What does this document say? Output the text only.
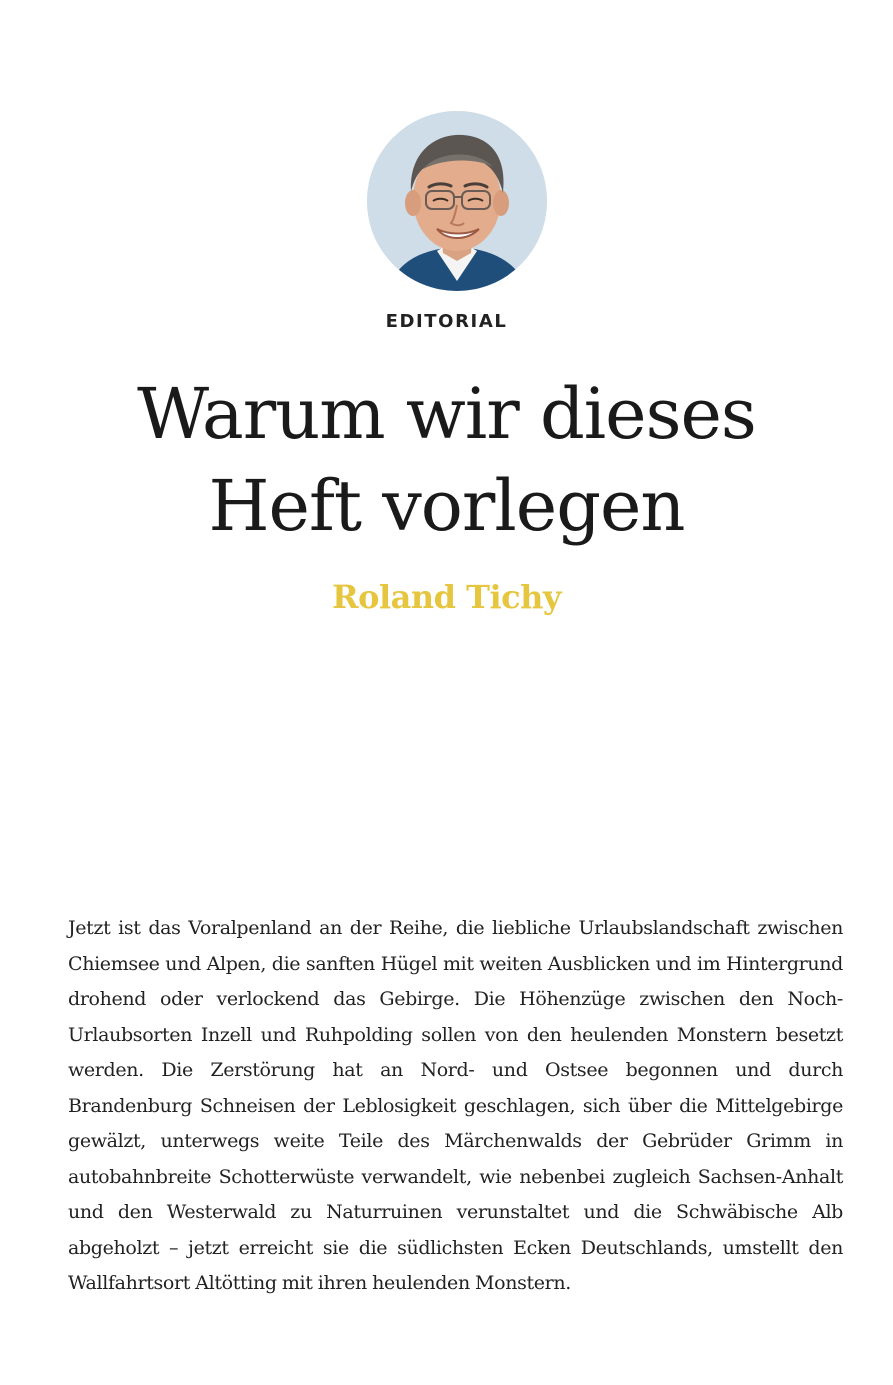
EDITORIAL
Warum wir dieses
Heft vorlegen
Roland Tichy

Jetzt ist das Voralpenland an der Reihe, die liebliche Urlaubslandschaft zwischen Chiemsee und Alpen, die sanften Hügel mit weiten Ausblicken und im Hintergrund drohend oder verlockend das Gebirge. Die Höhenzüge zwischen den Noch-Urlaubsorten Inzell und Ruhpolding sollen von den heulenden Monstern besetzt werden. Die Zerstörung hat an Nord- und Ostsee begonnen und durch Brandenburg Schneisen der Leblosigkeit geschlagen, sich über die Mittelgebirge gewälzt, unterwegs weite Teile des Märchenwalds der Gebrüder Grimm in autobahnbreite Schotterwüste verwandelt, wie nebenbei zugleich Sachsen-Anhalt und den Westerwald zu Naturruinen verunstaltet und die Schwäbische Alb abgeholzt – jetzt erreicht sie die südlichsten Ecken Deutschlands, umstellt den Wallfahrtsort Altötting mit ihren heulenden Monstern.
